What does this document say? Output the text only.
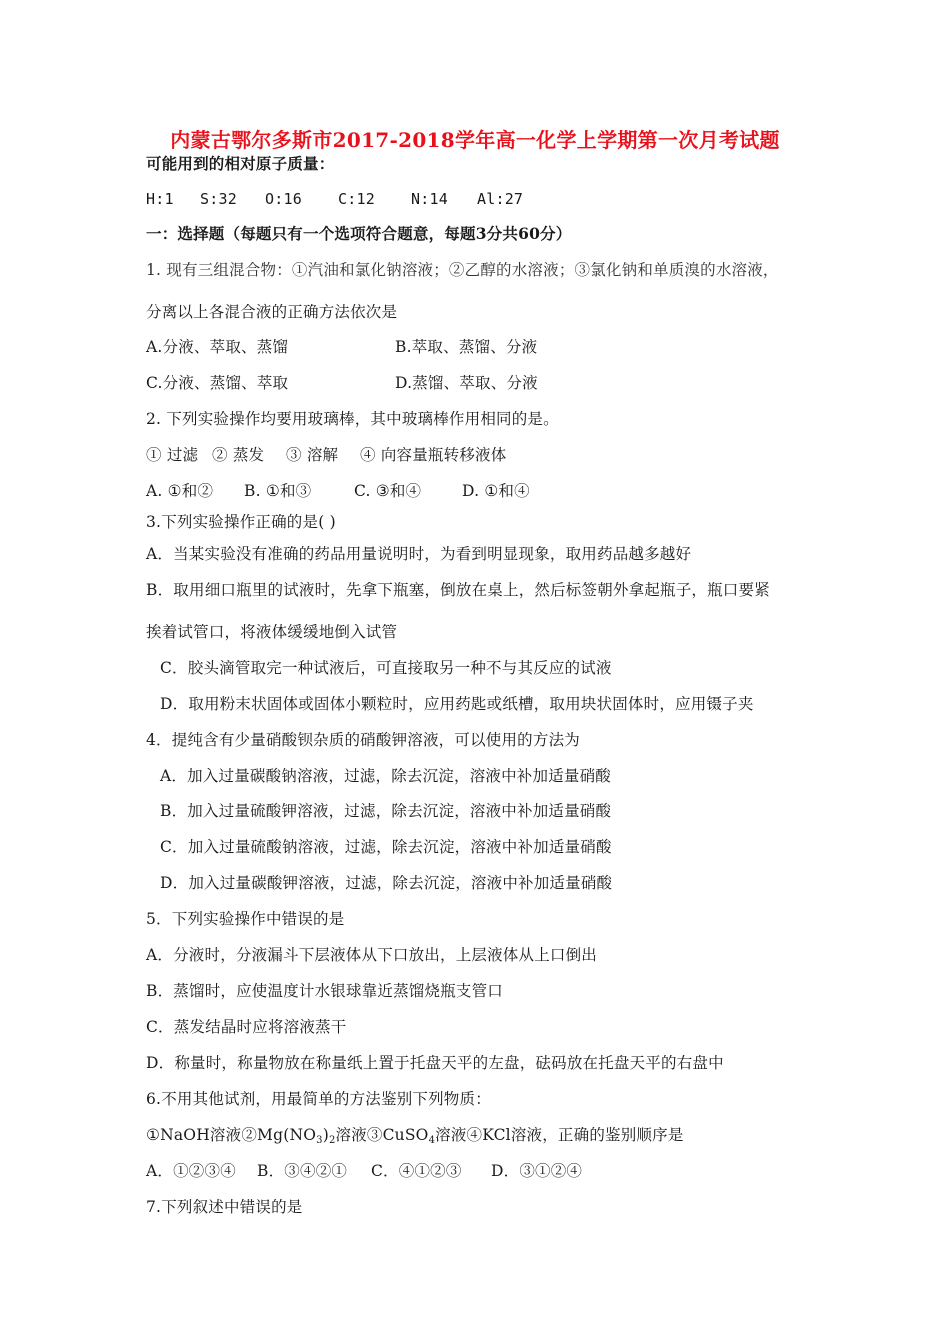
内蒙古鄂尔多斯市2017-2018学年高一化学上学期第一次月考试题
可能用到的相对原子质量：
H:1 S:32 O:16 C:12 N:14 Al:27
一：选择题（每题只有一个选项符合题意，每题3分共60分）
1. 现有三组混合物：①汽油和氯化钠溶液；②乙醇的水溶液；③氯化钠和单质溴的水溶液，
分离以上各混合液的正确方法依次是
A.分液、萃取、蒸馏	B.萃取、蒸馏、分液
C.分液、蒸馏、萃取	D.蒸馏、萃取、分液
2. 下列实验操作均要用玻璃棒，其中玻璃棒作用相同的是。
① 过滤 ② 蒸发 ③ 溶解 ④ 向容量瓶转移液体
A. ①和② B. ①和③	C. ③和④	D. ①和④
3.下列实验操作正确的是( )
A．当某实验没有准确的药品用量说明时，为看到明显现象，取用药品越多越好
B．取用细口瓶里的试液时，先拿下瓶塞，倒放在桌上，然后标签朝外拿起瓶子，瓶口要紧
挨着试管口，将液体缓缓地倒入试管
C．胶头滴管取完一种试液后，可直接取另一种不与其反应的试液
D．取用粉末状固体或固体小颗粒时，应用药匙或纸槽，取用块状固体时，应用镊子夹
4．提纯含有少量硝酸钡杂质的硝酸钾溶液，可以使用的方法为
A．加入过量碳酸钠溶液，过滤，除去沉淀，溶液中补加适量硝酸
B．加入过量硫酸钾溶液，过滤，除去沉淀，溶液中补加适量硝酸
C．加入过量硫酸钠溶液，过滤，除去沉淀，溶液中补加适量硝酸
D．加入过量碳酸钾溶液，过滤，除去沉淀，溶液中补加适量硝酸
5．下列实验操作中错误的是
A．分液时，分液漏斗下层液体从下口放出，上层液体从上口倒出
B．蒸馏时，应使温度计水银球靠近蒸馏烧瓶支管口
C．蒸发结晶时应将溶液蒸干
D．称量时，称量物放在称量纸上置于托盘天平的左盘，砝码放在托盘天平的右盘中
6.不用其他试剂，用最简单的方法鉴别下列物质：
①NaOH溶液$②Mg(NO_3)_2$溶液③CuSO$_4$溶液④KCl溶液，正确的鉴别顺序是
A．①②③④ B．③④②① C．④①②③ D．③①②④
7.下列叙述中错误的是
